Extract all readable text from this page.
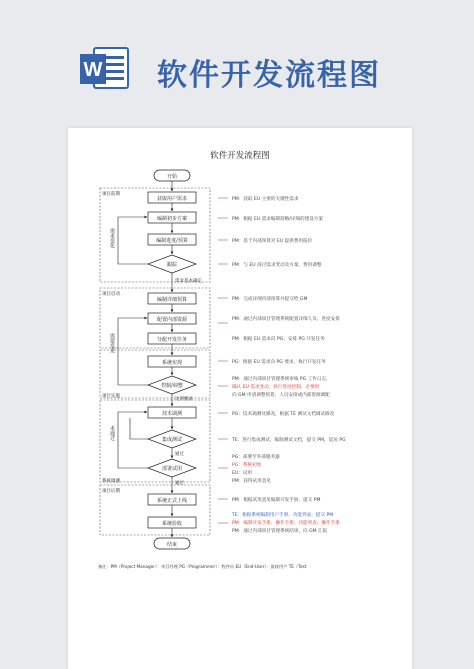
W 软件开发流程图
软件开发流程图
项目前期
项目启动
项目实施
系统调测
项目后期
开始
结束
获取用户需求
编制初步方案
编制进度/预算
编制详细预算
配置内部资源
分配开发任务
系统实现
技术调测
系统正式上线
系统验收
跟踪
控制/调整
集成测试
部署试用
需求变化
需要变更
未通过
需求基本确定
达到要求
通过
通过
PM：获取 EU 主要的关键性需求
PM：根据 EU 需求编制简略/详细的建设方案
PM：基于内部预算对 EU 提供费用报价
PM：与 EU 商讨需求变动及方案、费用调整
PM：完成详细内部预算并提交给 GM
PM：通过内部项目管理系统配置详细人员、进度安排
PM：根据 EU 需求向 PG、安排 PG 开发任务
PG：根据 EU 需求向 PG 要求，执行开发任务
PM：通过内部项目管理系统审核 PG 工作日志，
确认 EU 需求变动，执行进度控制，必要时
向 GM 申请调整预算、人员安排或内部资源调配
PG：技术调测及修改，根据 TE 测试文档调试修改
TE：进行集成测试，编制测试文档，提交 PM，返送 PG
PG：部署至外部服务器
PG：系统初始
EU：试用
PM：获得试用意见
PM：根据试用意见编制开发手册，提交 PM
TE：根据系统编制用户手册、功能列表，提交 PM
PM：编制开发手册、操作手册、功能列表、操作手册
PM：通过内部项目管理系统结项，向 GM 汇报
备注：PM（Project Manager）：项目经理 PG（Programmer）：程序员 EU（End-User）：最终用户 TE（Test
